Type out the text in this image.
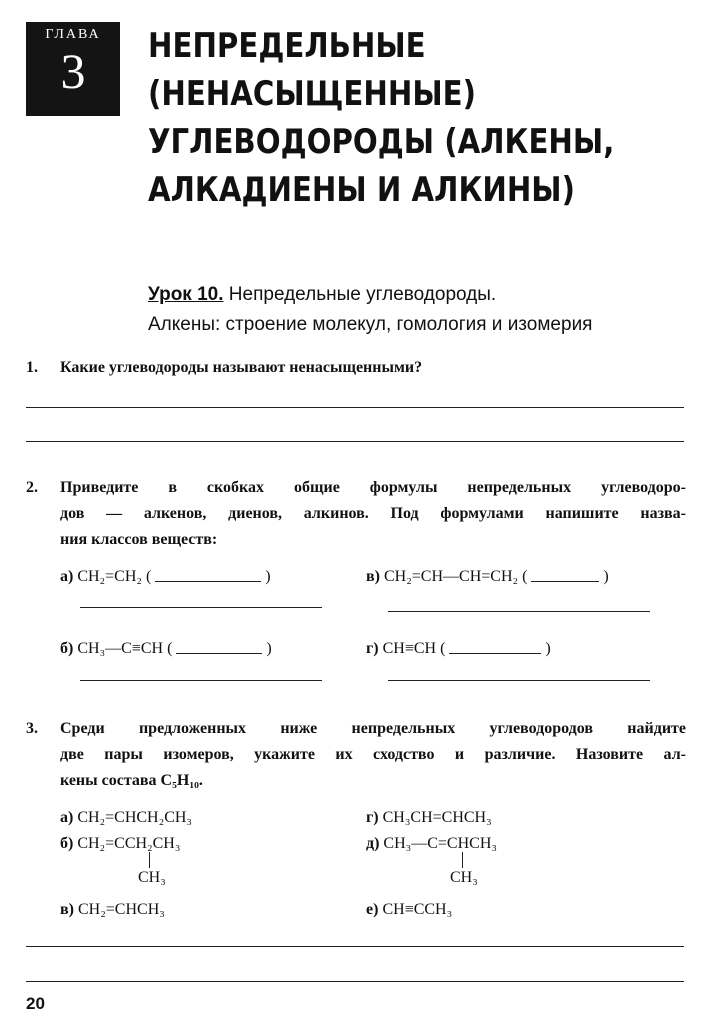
ГЛАВА
3	НЕПРЕДЕЛЬНЫЕ
(НЕНАСЫЩЕННЫЕ)
УГЛЕВОДОРОДЫ (АЛКЕНЫ,
АЛКАДИЕНЫ И АЛКИНЫ)
Урок 10. Непредельные углеводороды.
Алкены: строение молекул, гомология и изомерия
1.	Какие углеводороды называют ненасыщенными?
2.	Приведите в скобках общие формулы непредельных углеводоро-
дов — алкенов, диенов, алкинов. Под формулами напишите назва-
ния классов веществ:
а) CH₂=CH₂ (	)	в) CH₂=CH—CH=CH₂ (	)
б) CH₃—C≡CH (	)	г) CH≡CH (	)
3.	Среди предложенных ниже непредельных углеводородов найдите
две пары изомеров, укажите их сходство и различие. Назовите ал-
кены состава C₅H₁₀.
а) CH₂=CHCH₂CH₃
б) CH₂=CCH₂CH₃
CH₃
в) CH₂=CHCH₃
г) CH₃CH=CHCH₃
д) CH₃—C=CHCH₃
CH₃
е) CH≡CCH₃
20
